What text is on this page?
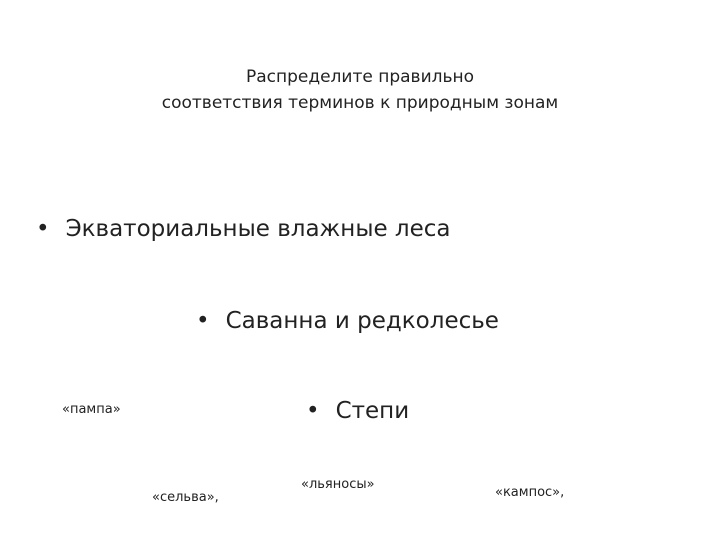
Распределите правильно
соответствия терминов к природным зонам
• Экваториальные влажные леса
• Саванна и редколесье
• Степи
«пампа»
«сельва»,
«льяносы»
«кампос»,
